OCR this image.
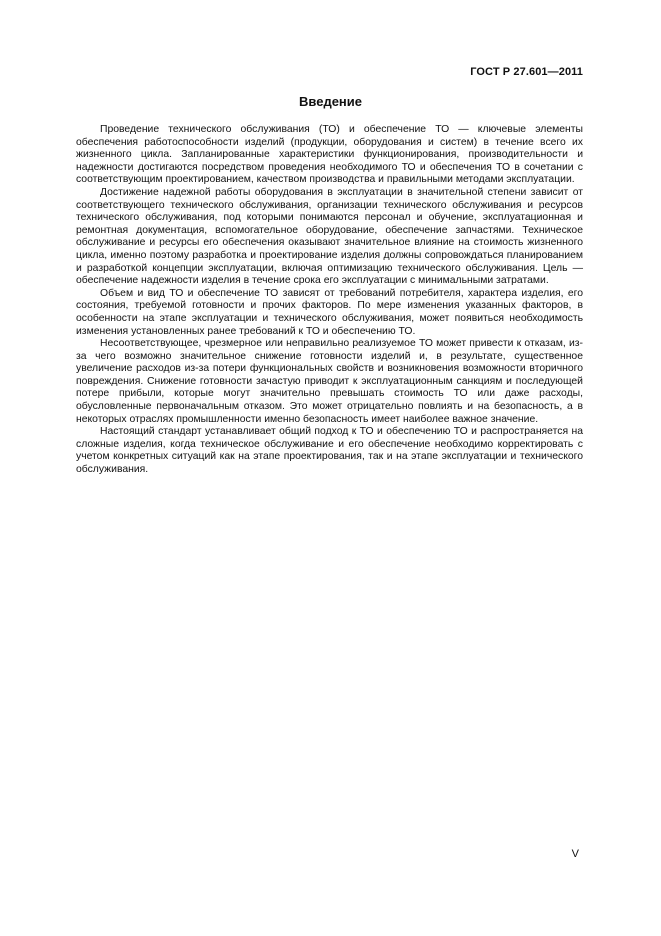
ГОСТ Р 27.601—2011
Введение

Проведение технического обслуживания (ТО) и обеспечение ТО — ключевые элементы обеспечения работоспособности изделий (продукции, оборудования и систем) в течение всего их жизненного цикла. Запланированные характеристики функционирования, производительности и надежности достигаются посредством проведения необходимого ТО и обеспечения ТО в сочетании с соответствующим проектированием, качеством производства и правильными методами эксплуатации.

Достижение надежной работы оборудования в эксплуатации в значительной степени зависит от соответствующего технического обслуживания, организации технического обслуживания и ресурсов технического обслуживания, под которыми понимаются персонал и обучение, эксплуатационная и ремонтная документация, вспомогательное оборудование, обеспечение запчастями. Техническое обслуживание и ресурсы его обеспечения оказывают значительное влияние на стоимость жизненного цикла, именно поэтому разработка и проектирование изделия должны сопровождаться планированием и разработкой концепции эксплуатации, включая оптимизацию технического обслуживания. Цель — обеспечение надежности изделия в течение срока его эксплуатации с минимальными затратами.

Объем и вид ТО и обеспечение ТО зависят от требований потребителя, характера изделия, его состояния, требуемой готовности и прочих факторов. По мере изменения указанных факторов, в особенности на этапе эксплуатации и технического обслуживания, может появиться необходимость изменения установленных ранее требований к ТО и обеспечению ТО.

Несоответствующее, чрезмерное или неправильно реализуемое ТО может привести к отказам, из-за чего возможно значительное снижение готовности изделий и, в результате, существенное увеличение расходов из-за потери функциональных свойств и возникновения возможности вторичного повреждения. Снижение готовности зачастую приводит к эксплуатационным санкциям и последующей потере прибыли, которые могут значительно превышать стоимость ТО или даже расходы, обусловленные первоначальным отказом. Это может отрицательно повлиять и на безопасность, а в некоторых отраслях промышленности именно безопасность имеет наиболее важное значение.

Настоящий стандарт устанавливает общий подход к ТО и обеспечению ТО и распространяется на сложные изделия, когда техническое обслуживание и его обеспечение необходимо корректировать с учетом конкретных ситуаций как на этапе проектирования, так и на этапе эксплуатации и технического обслуживания.

V
